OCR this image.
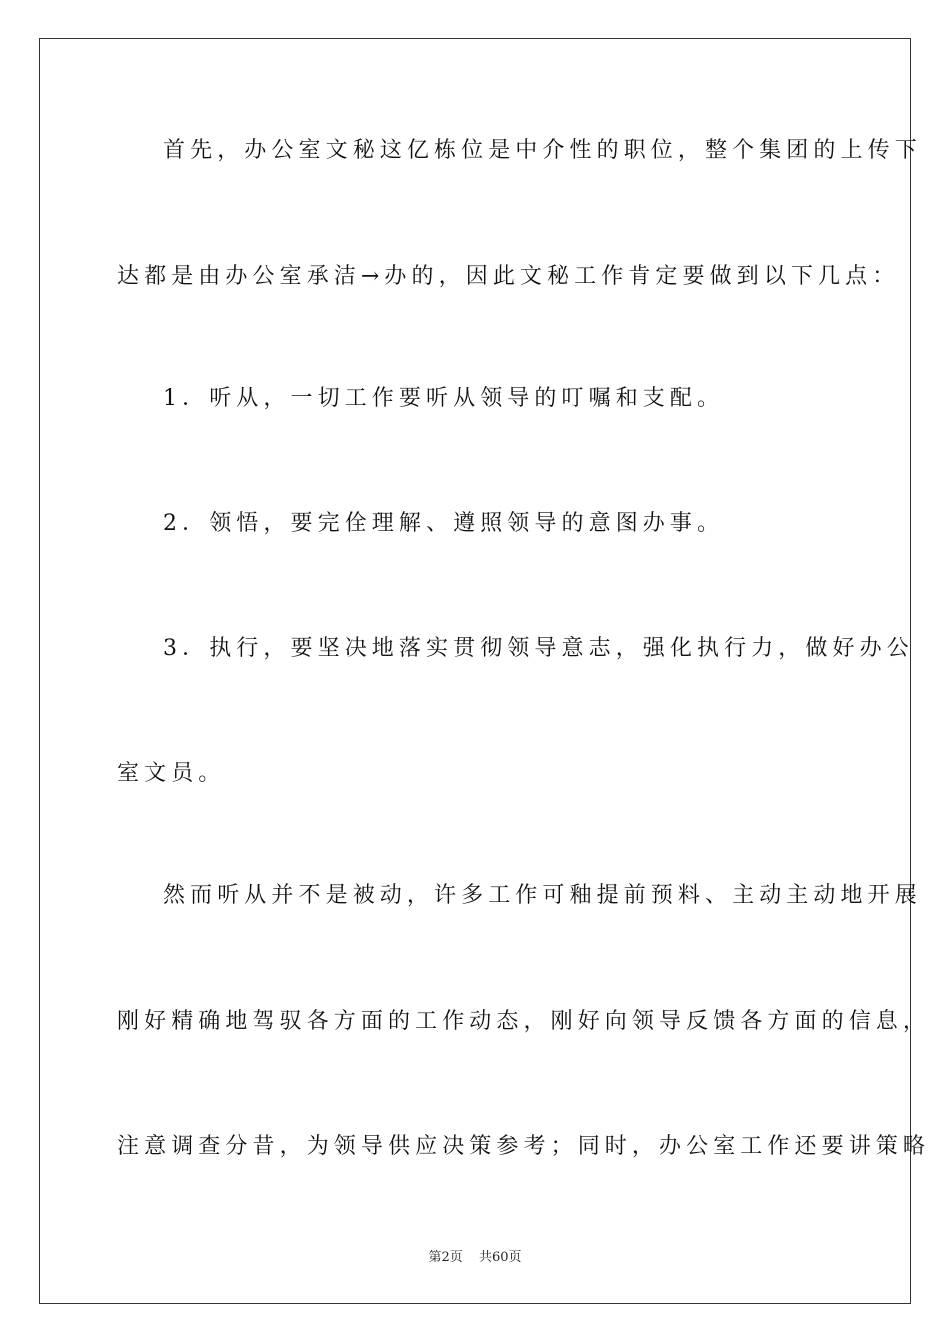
首先，办公室文秘这亿栋位是中介性的职位，整个集团的上传下
达都是由办公室承洁→办的，因此文秘工作肯定要做到以下几点：
1．听从，一切工作要听从领导的叮嘱和支配。
2．领悟，要完佺理解、遵照领导的意图办事。
3．执行，要坚决地落实贯彻领导意志，强化执行力，做好办公
室文员。
然而听从并不是被动，许多工作可釉提前预料、主动主动地开展
刚好精确地驾驭各方面的工作动态，刚好向领导反馈各方面的信息，
注意调查分昔，为领导供应决策参考；同时，办公室工作还要讲策略
第2页 共60页
